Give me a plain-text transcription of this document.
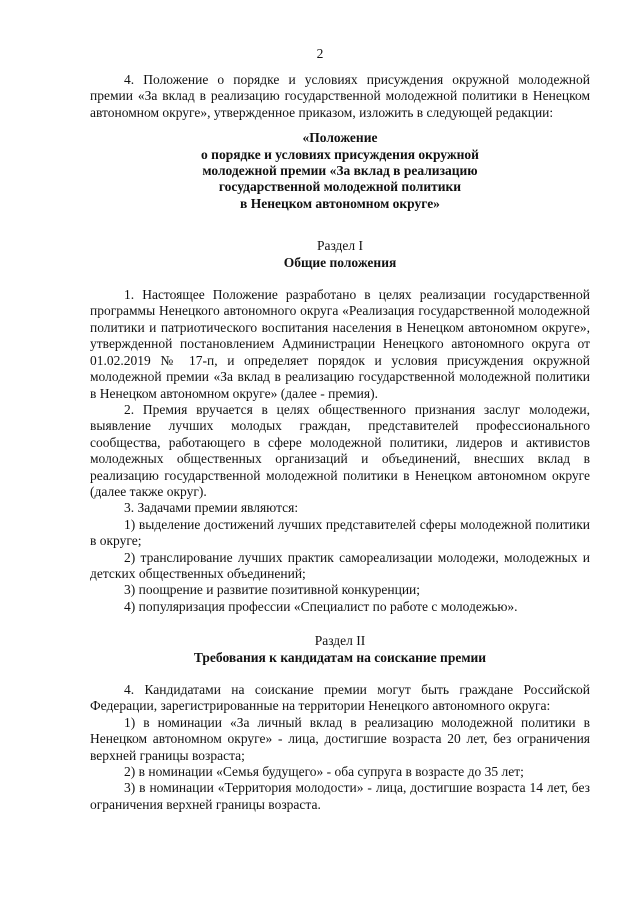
2

4. Положение о порядке и условиях присуждения окружной молодежной премии «За вклад в реализацию государственной молодежной политики в Ненецком автономном округе», утвержденное приказом, изложить в следующей редакции:

«Положение
о порядке и условиях присуждения окружной
молодежной премии «За вклад в реализацию
государственной молодежной политики
в Ненецком автономном округе»
Раздел I
Общие положения

1. Настоящее Положение разработано в целях реализации государственной программы Ненецкого автономного округа «Реализация государственной молодежной политики и патриотического воспитания населения в Ненецком автономном округе», утвержденной постановлением Администрации Ненецкого автономного округа от 01.02.2019 № 17-п, и определяет порядок и условия присуждения окружной молодежной премии «За вклад в реализацию государственной молодежной политики в Ненецком автономном округе» (далее - премия).

2. Премия вручается в целях общественного признания заслуг молодежи, выявление лучших молодых граждан, представителей профессионального сообщества, работающего в сфере молодежной политики, лидеров и активистов молодежных общественных организаций и объединений, внесших вклад в реализацию государственной молодежной политики в Ненецком автономном округе (далее также округ).

3. Задачами премии являются:

1) выделение достижений лучших представителей сферы молодежной политики в округе;

2) транслирование лучших практик самореализации молодежи, молодежных и детских общественных объединений;

3) поощрение и развитие позитивной конкуренции;

4) популяризация профессии «Специалист по работе с молодежью».

Раздел II
Требования к кандидатам на соискание премии

4. Кандидатами на соискание премии могут быть граждане Российской Федерации, зарегистрированные на территории Ненецкого автономного округа:

1) в номинации «За личный вклад в реализацию молодежной политики в Ненецком автономном округе» - лица, достигшие возраста 20 лет, без ограничения верхней границы возраста;

2) в номинации «Семья будущего» - оба супруга в возрасте до 35 лет;

3) в номинации «Территория молодости» - лица, достигшие возраста 14 лет, без ограничения верхней границы возраста.
